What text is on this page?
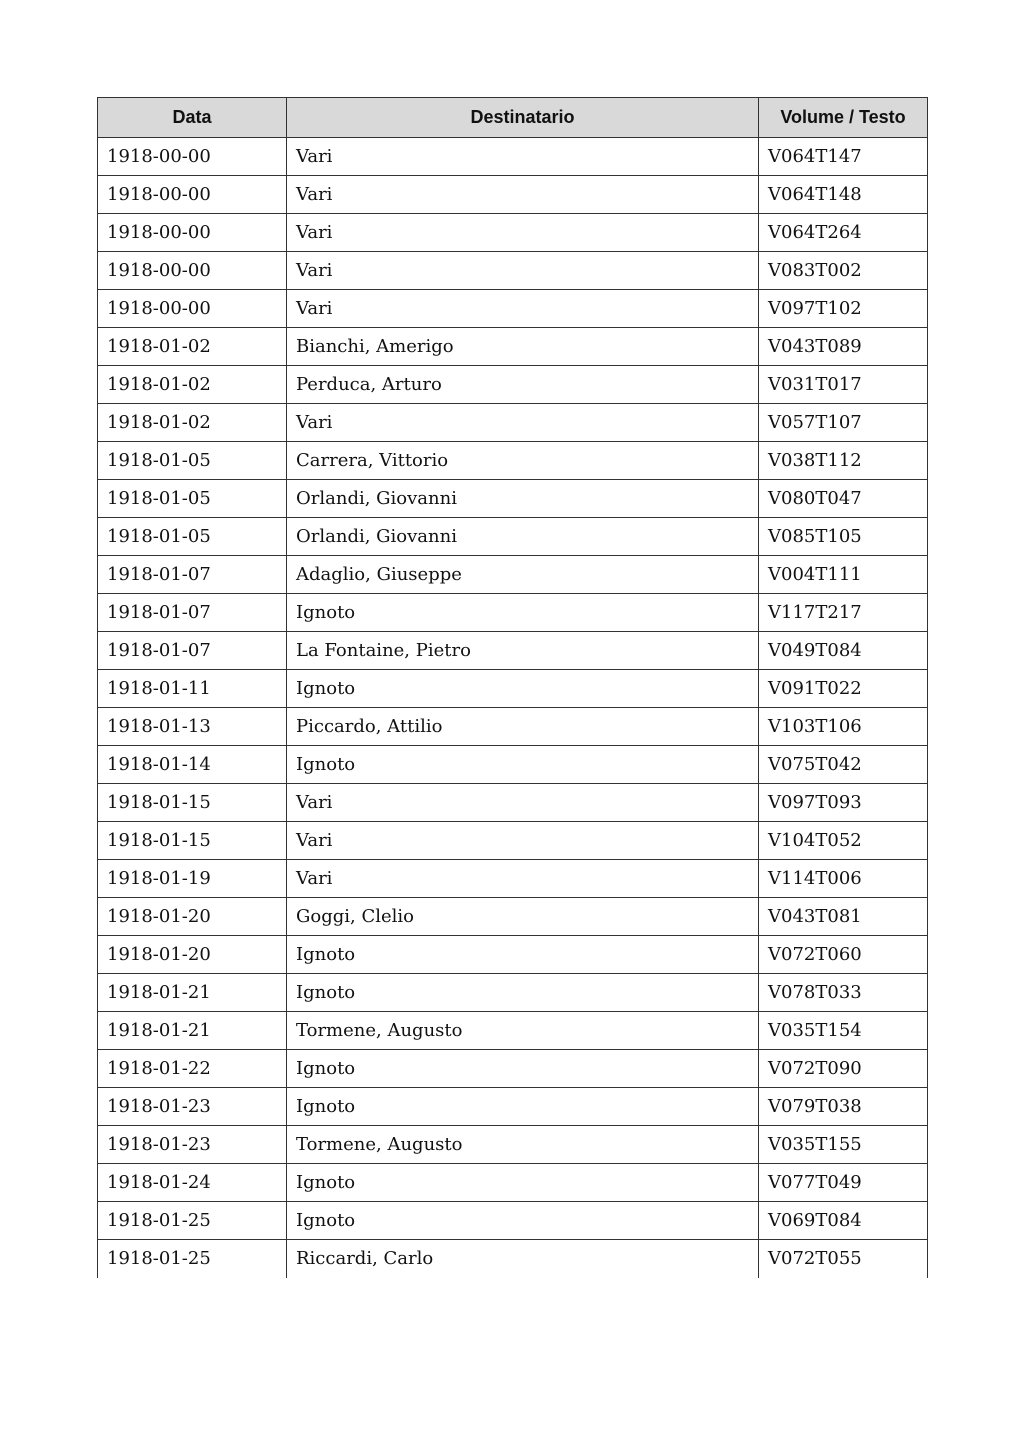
Data	Destinatario	Volume / Testo
1918-00-00	Vari	V064T147
1918-00-00	Vari	V064T148
1918-00-00	Vari	V064T264
1918-00-00	Vari	V083T002
1918-00-00	Vari	V097T102
1918-01-02	Bianchi, Amerigo	V043T089
1918-01-02	Perduca, Arturo	V031T017
1918-01-02	Vari	V057T107
1918-01-05	Carrera, Vittorio	V038T112
1918-01-05	Orlandi, Giovanni	V080T047
1918-01-05	Orlandi, Giovanni	V085T105
1918-01-07	Adaglio, Giuseppe	V004T111
1918-01-07	Ignoto	V117T217
1918-01-07	La Fontaine, Pietro	V049T084
1918-01-11	Ignoto	V091T022
1918-01-13	Piccardo, Attilio	V103T106
1918-01-14	Ignoto	V075T042
1918-01-15	Vari	V097T093
1918-01-15	Vari	V104T052
1918-01-19	Vari	V114T006
1918-01-20	Goggi, Clelio	V043T081
1918-01-20	Ignoto	V072T060
1918-01-21	Ignoto	V078T033
1918-01-21	Tormene, Augusto	V035T154
1918-01-22	Ignoto	V072T090
1918-01-23	Ignoto	V079T038
1918-01-23	Tormene, Augusto	V035T155
1918-01-24	Ignoto	V077T049
1918-01-25	Ignoto	V069T084
1918-01-25	Riccardi, Carlo	V072T055
